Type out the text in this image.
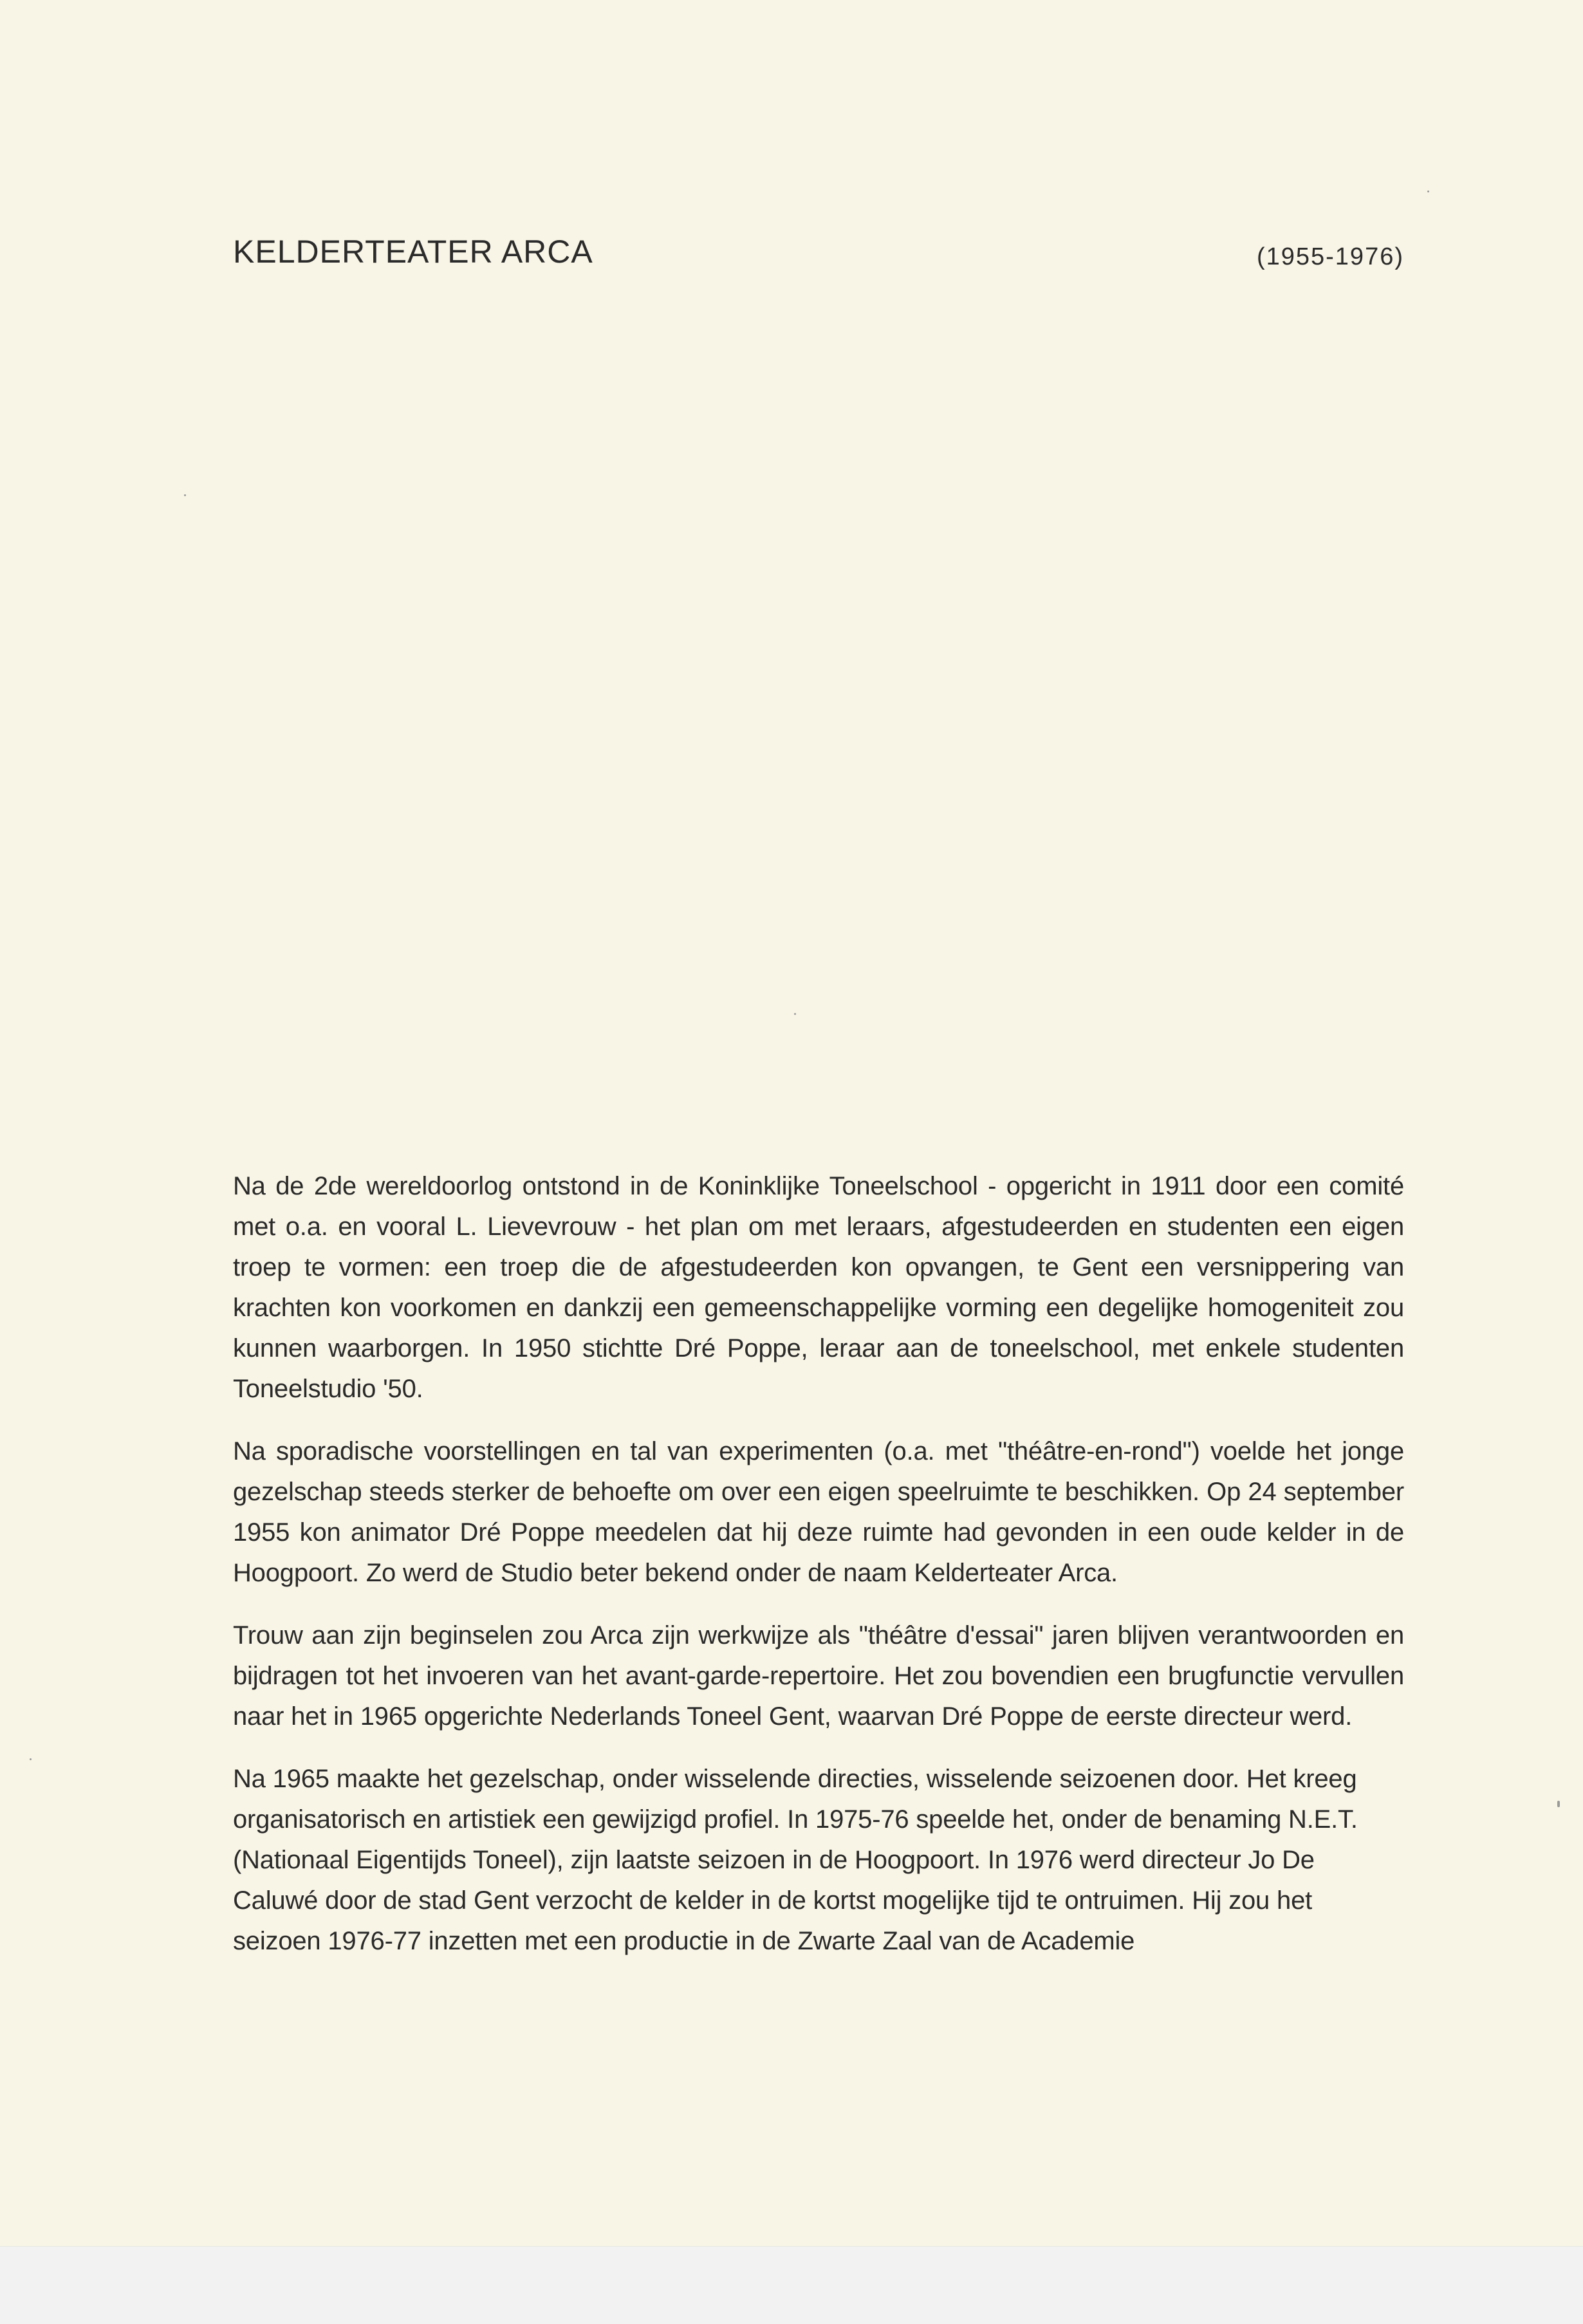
KELDERTEATER ARCA	(1955-1976)

Na de 2de wereldoorlog ontstond in de Koninklijke Toneelschool - opgericht in 1911 door een comité met o.a. en vooral L. Lievevrouw - het plan om met leraars, afgestudeerden en studenten een eigen troep te vormen: een troep die de afgestudeerden kon opvangen, te Gent een versnippering van krachten kon voorkomen en dankzij een gemeenschappelijke vorming een degelijke homogeniteit zou kunnen waarborgen. In 1950 stichtte Dré Poppe, leraar aan de toneelschool, met enkele studenten Toneelstudio '50.

Na sporadische voorstellingen en tal van experimenten (o.a. met "théâtre-en-rond") voelde het jonge gezelschap steeds sterker de behoefte om over een eigen speelruimte te beschikken. Op 24 september 1955 kon animator Dré Poppe meedelen dat hij deze ruimte had gevonden in een oude kelder in de Hoogpoort. Zo werd de Studio beter bekend onder de naam Kelderteater Arca.

Trouw aan zijn beginselen zou Arca zijn werkwijze als "théâtre d'essai" jaren blijven verantwoorden en bijdragen tot het invoeren van het avant-garde-repertoire. Het zou bovendien een brugfunctie vervullen naar het in 1965 opgerichte Nederlands Toneel Gent, waarvan Dré Poppe de eerste directeur werd.

Na 1965 maakte het gezelschap, onder wisselende directies, wisselende seizoenen door. Het kreeg organisatorisch en artistiek een gewijzigd profiel. In 1975-76 speelde het, onder de benaming N.E.T. (Nationaal Eigentijds Toneel), zijn laatste seizoen in de Hoogpoort. In 1976 werd directeur Jo De Caluwé door de stad Gent verzocht de kelder in de kortst mogelijke tijd te ontruimen. Hij zou het seizoen 1976-77 inzetten met een productie in de Zwarte Zaal van de Academie
